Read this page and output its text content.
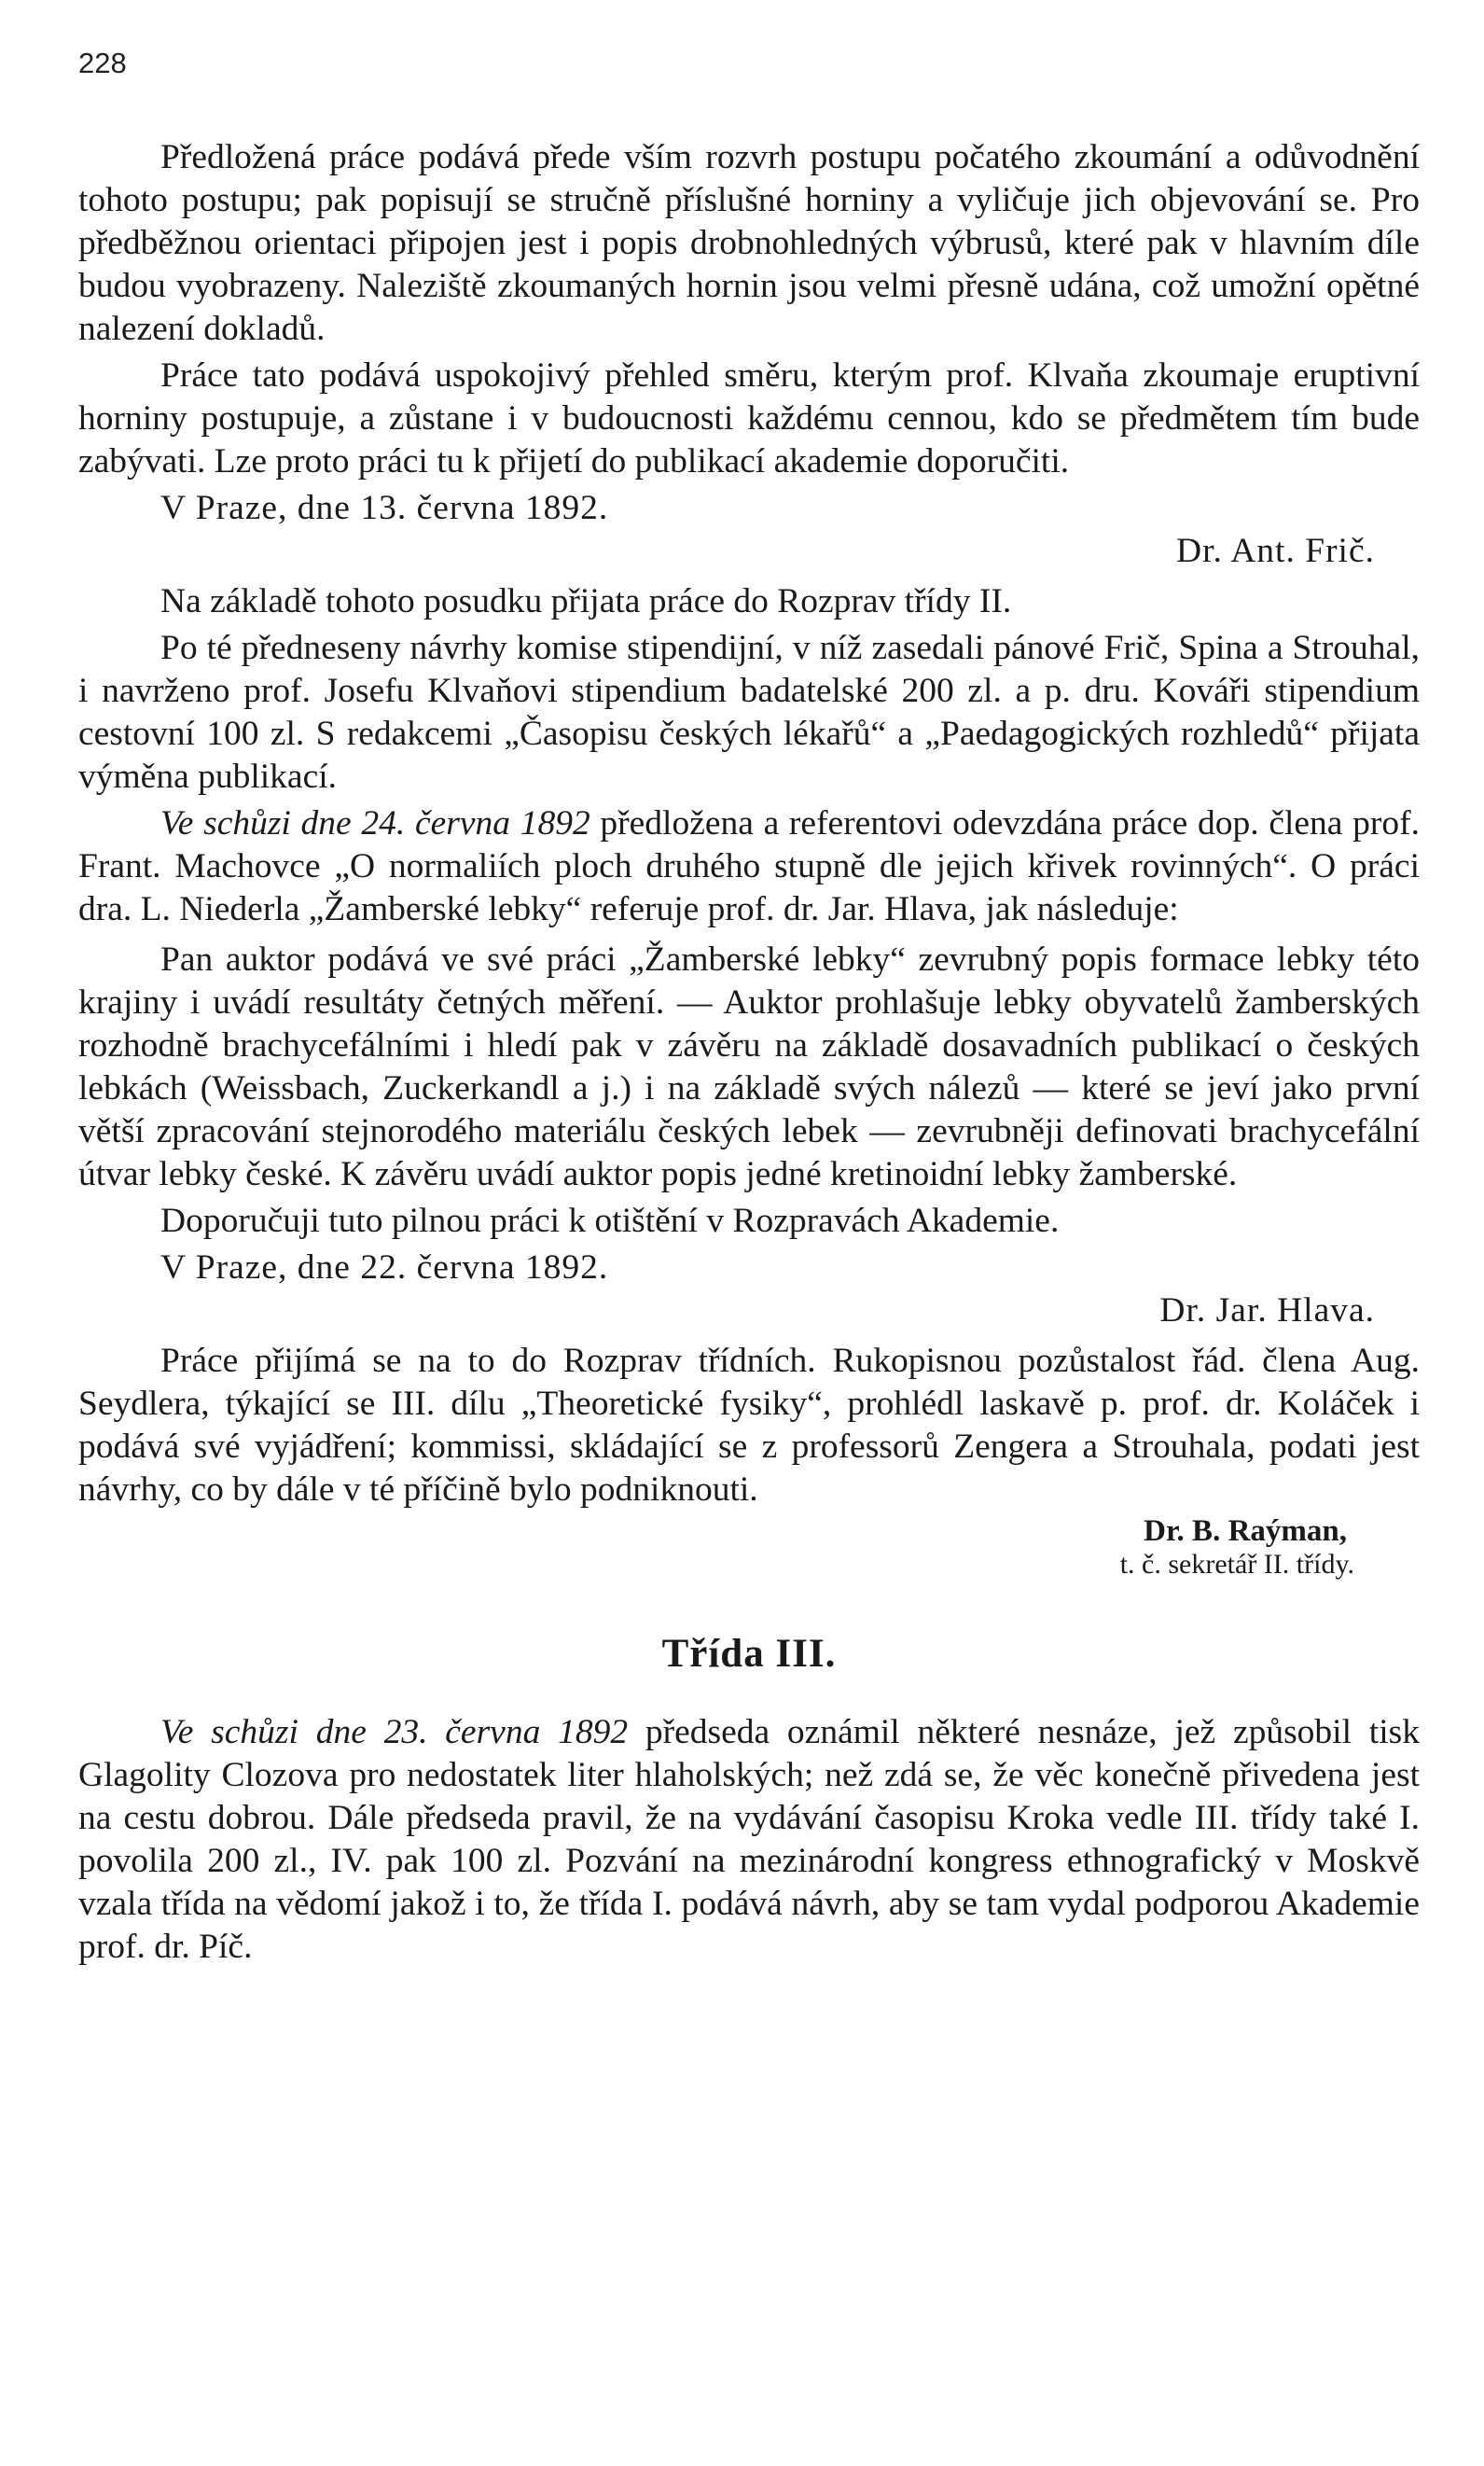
228

Předložená práce podává přede vším rozvrh postupu počatého zkoumání a odůvodnění tohoto postupu; pak popisují se stručně příslušné horniny a vyličuje jich objevování se. Pro předběžnou orientaci připojen jest i popis drobnohledných výbrusů, které pak v hlavním díle budou vyobrazeny. Naleziště zkoumaných hornin jsou velmi přesně udána, což umožní opětné nalezení dokladů.

Práce tato podává uspokojivý přehled směru, kterým prof. Klvaňa zkoumaje eruptivní horniny postupuje, a zůstane i v budoucnosti každému cennou, kdo se předmětem tím bude zabývati. Lze proto práci tu k přijetí do publikací akademie doporučiti.

V Praze, dne 13. června 1892.

Dr. Ant. Frič.

Na základě tohoto posudku přijata práce do Rozprav třídy II.

Po té předneseny návrhy komise stipendijní, v níž zasedali pánové Frič, Spina a Strouhal, i navrženo prof. Josefu Klvaňovi stipendium badatelské 200 zl. a p. dru. Kováři stipendium cestovní 100 zl. S redakcemi „Časopisu českých lékařů“ a „Paedagogických rozhledů“ přijata výměna publikací.

Ve schůzi dne 24. června 1892 předložena a referentovi odevzdána práce dop. člena prof. Frant. Machovce „O normaliích ploch druhého stupně dle jejich křivek rovinných“. O práci dra. L. Niederla „Žamberské lebky“ referuje prof. dr. Jar. Hlava, jak následuje:

Pan auktor podává ve své práci „Žamberské lebky“ zevrubný popis formace lebky této krajiny i uvádí resultáty četných měření. — Auktor prohlašuje lebky obyvatelů žamberských rozhodně brachycefálními i hledí pak v závěru na základě dosavadních publikací o českých lebkách (Weissbach, Zuckerkandl a j.) i na základě svých nálezů — které se jeví jako první větší zpracování stejnorodého materiálu českých lebek — zevrubněji definovati brachycefální útvar lebky české. K závěru uvádí auktor popis jedné kretinoidní lebky žamberské.

Doporučuji tuto pilnou práci k otištění v Rozpravách Akademie.

V Praze, dne 22. června 1892.

Dr. Jar. Hlava.

Práce přijímá se na to do Rozprav třídních. Rukopisnou pozůstalost řád. člena Aug. Seydlera, týkající se III. dílu „Theoretické fysiky“, prohlédl laskavě p. prof. dr. Koláček i podává své vyjádření; kommissi, skládající se z professorů Zengera a Strouhala, podati jest návrhy, co by dále v té příčině bylo podniknouti.

Dr. B. Raýman,
t. č. sekretář II. třídy.
Třída III.

Ve schůzi dne 23. června 1892 předseda oznámil některé nesnáze, jež způsobil tisk Glagolity Clozova pro nedostatek liter hlaholských; než zdá se, že věc konečně přivedena jest na cestu dobrou. Dále předseda pravil, že na vydávání časopisu Kroka vedle III. třídy také I. povolila 200 zl., IV. pak 100 zl. Pozvání na mezinárodní kongress ethnografický v Moskvě vzala třída na vědomí jakož i to, že třída I. podává návrh, aby se tam vydal podporou Akademie prof. dr. Píč.
